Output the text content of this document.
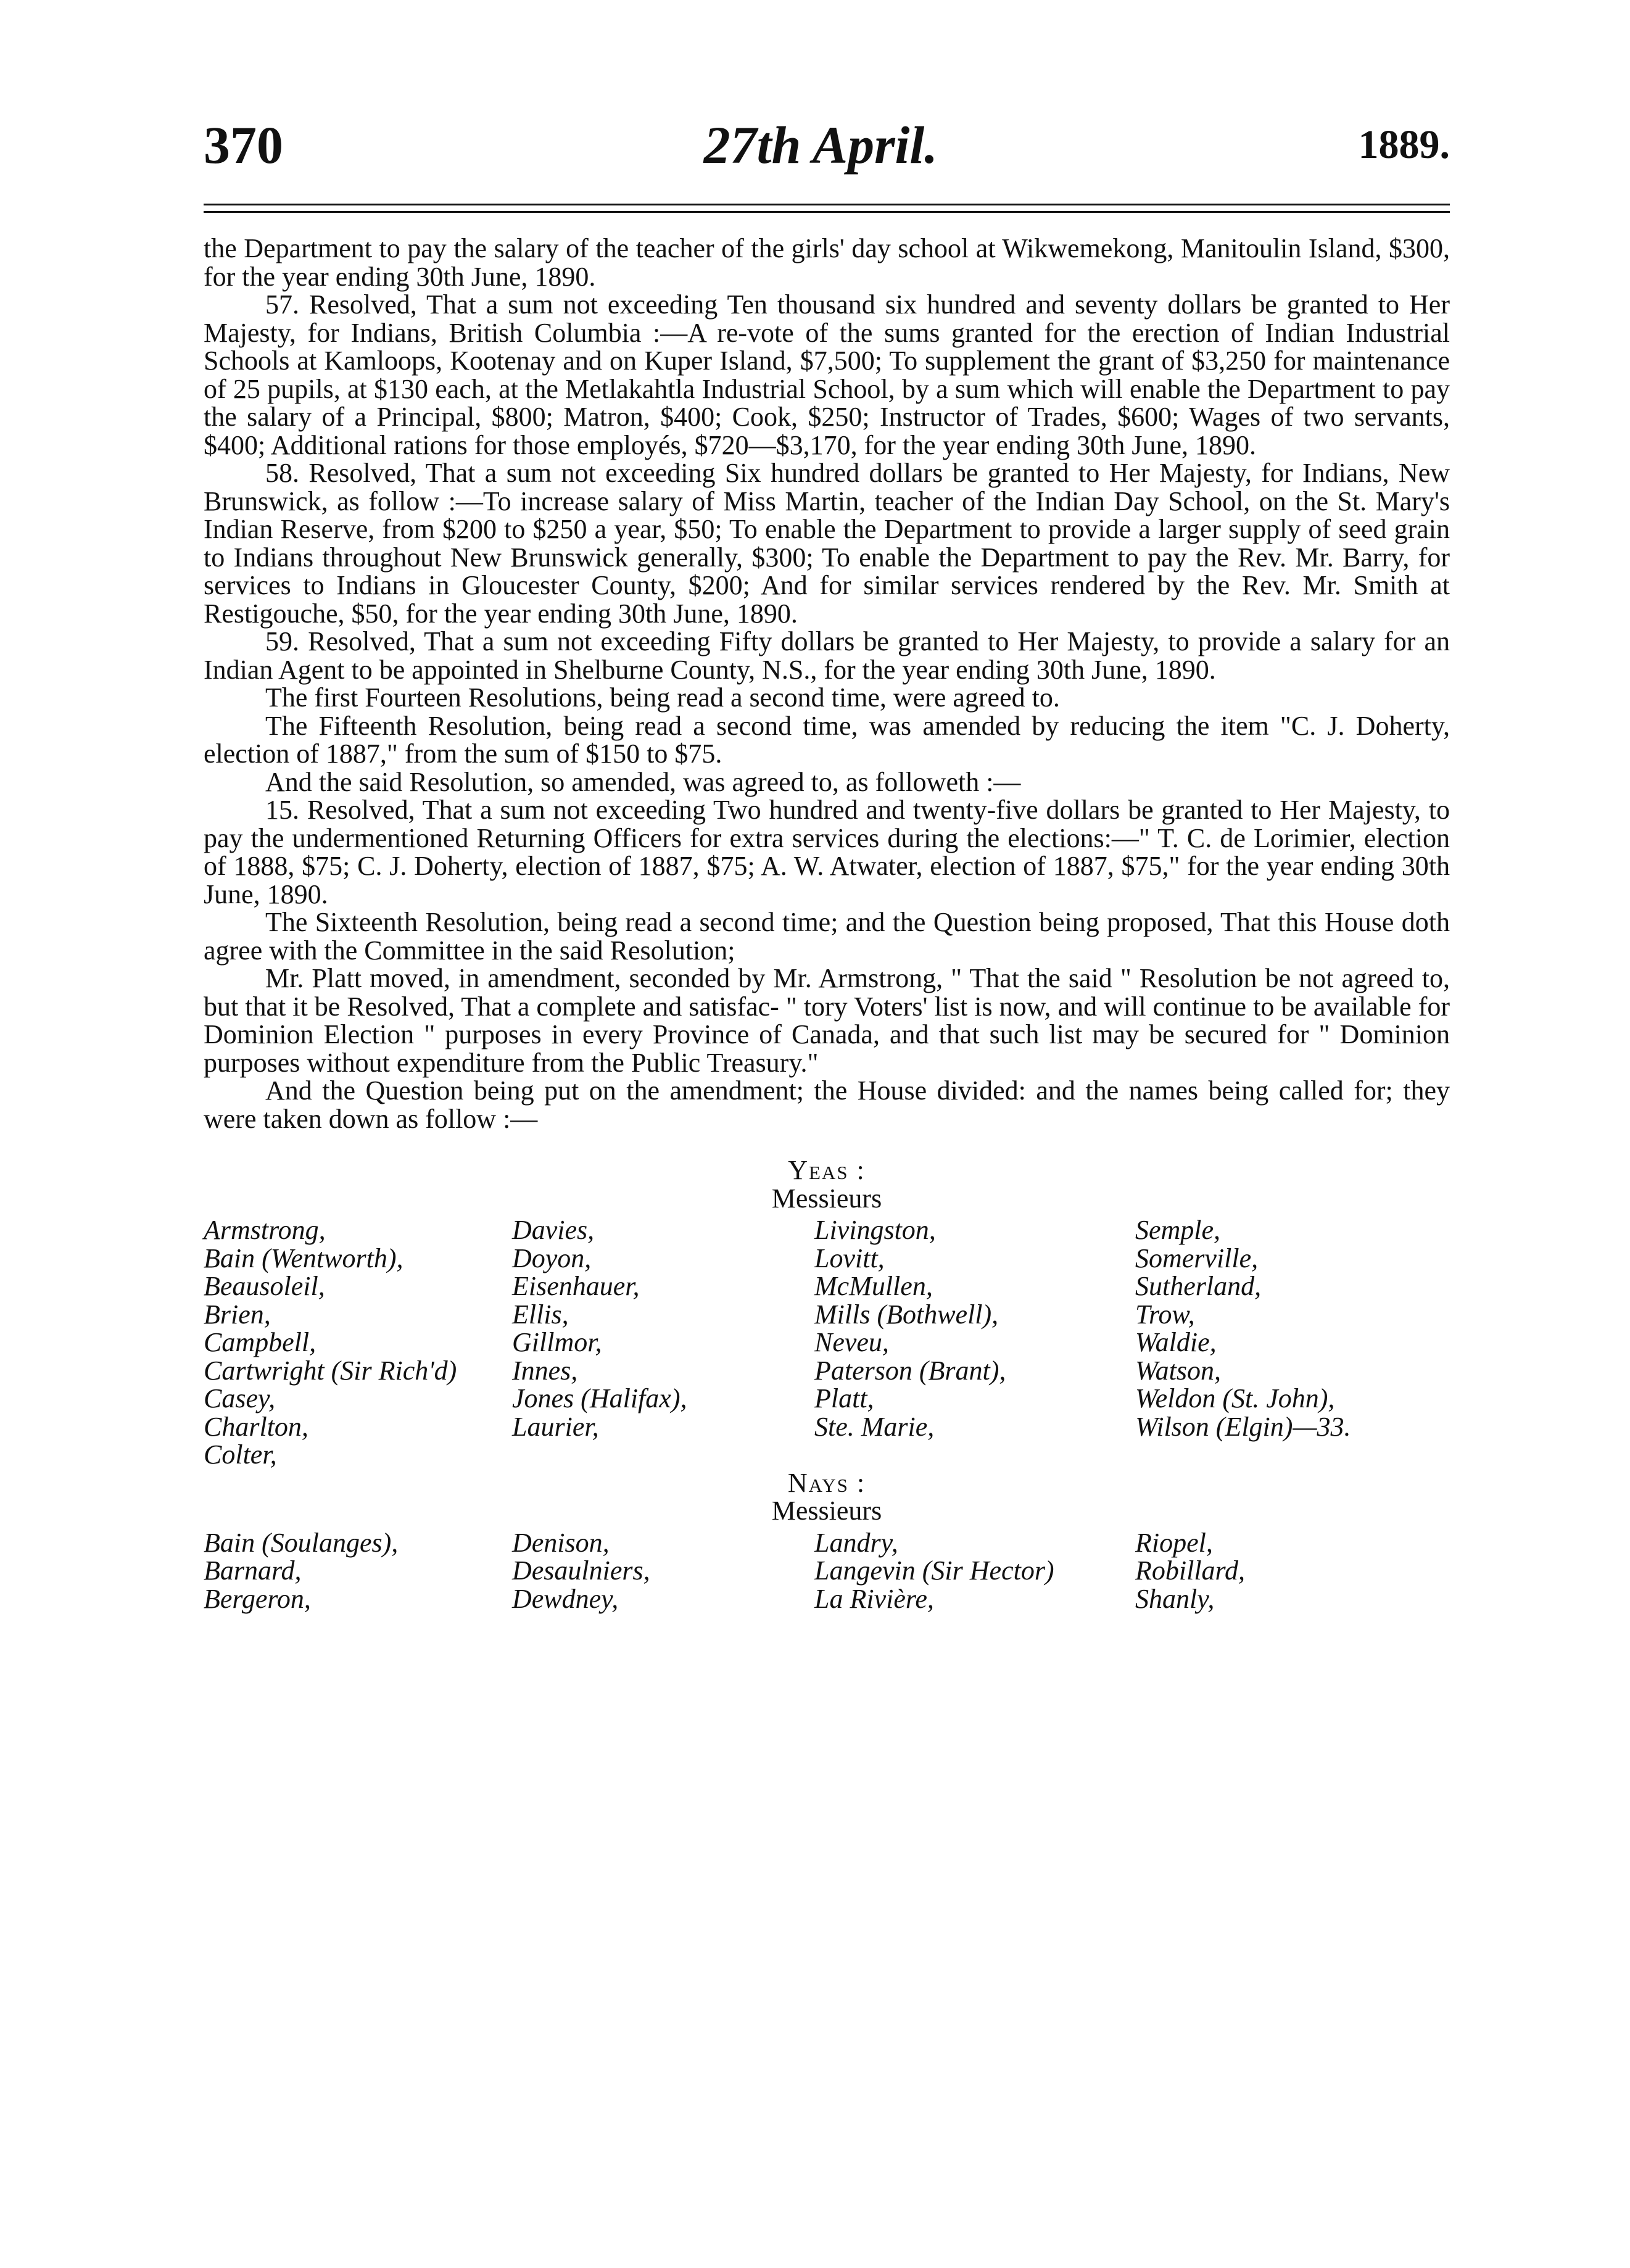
370	27th April.	1889.

the Department to pay the salary of the teacher of the girls' day school at Wikwemekong, Manitoulin Island, $300, for the year ending 30th June, 1890.

57. Resolved, That a sum not exceeding Ten thousand six hundred and seventy dollars be granted to Her Majesty, for Indians, British Columbia :—A re-vote of the sums granted for the erection of Indian Industrial Schools at Kamloops, Kootenay and on Kuper Island, $7,500; To supplement the grant of $3,250 for maintenance of 25 pupils, at $130 each, at the Metlakahtla Industrial School, by a sum which will enable the Department to pay the salary of a Principal, $800; Matron, $400; Cook, $250; Instructor of Trades, $600; Wages of two servants, $400; Additional rations for those employés, $720—$3,170, for the year ending 30th June, 1890.

58. Resolved, That a sum not exceeding Six hundred dollars be granted to Her Majesty, for Indians, New Brunswick, as follow :—To increase salary of Miss Martin, teacher of the Indian Day School, on the St. Mary's Indian Reserve, from $200 to $250 a year, $50; To enable the Department to provide a larger supply of seed grain to Indians throughout New Brunswick generally, $300; To enable the Department to pay the Rev. Mr. Barry, for services to Indians in Gloucester County, $200; And for similar services rendered by the Rev. Mr. Smith at Restigouche, $50, for the year ending 30th June, 1890.

59. Resolved, That a sum not exceeding Fifty dollars be granted to Her Majesty, to provide a salary for an Indian Agent to be appointed in Shelburne County, N.S., for the year ending 30th June, 1890.

The first Fourteen Resolutions, being read a second time, were agreed to.

The Fifteenth Resolution, being read a second time, was amended by reducing the item "C. J. Doherty, election of 1887," from the sum of $150 to $75.

And the said Resolution, so amended, was agreed to, as followeth :—

15. Resolved, That a sum not exceeding Two hundred and twenty-five dollars be granted to Her Majesty, to pay the undermentioned Returning Officers for extra services during the elections:—" T. C. de Lorimier, election of 1888, $75; C. J. Doherty, election of 1887, $75; A. W. Atwater, election of 1887, $75," for the year ending 30th June, 1890.

The Sixteenth Resolution, being read a second time; and the Question being proposed, That this House doth agree with the Committee in the said Resolution;

Mr. Platt moved, in amendment, seconded by Mr. Armstrong, " That the said " Resolution be not agreed to, but that it be Resolved, That a complete and satisfac- " tory Voters' list is now, and will continue to be available for Dominion Election " purposes in every Province of Canada, and that such list may be secured for " Dominion purposes without expenditure from the Public Treasury."

And the Question being put on the amendment; the House divided: and the names being called for; they were taken down as follow :—

Yeas :

Messieurs

Armstrong,	Davies,	Livingston,	Semple,
Bain (Wentworth),	Doyon,	Lovitt,	Somerville,
Beausoleil,	Eisenhauer,	McMullen,	Sutherland,
Brien,	Ellis,	Mills (Bothwell),	Trow,
Campbell,	Gillmor,	Neveu,	Waldie,
Cartwright (Sir Rich'd)	Innes,	Paterson (Brant),	Watson,
Casey,	Jones (Halifax),	Platt,	Weldon (St. John),
Charlton,	Laurier,	Ste. Marie,	Wilson (Elgin)—33.
Colter,

Nays :

Messieurs

Bain (Soulanges),	Denison,	Landry,	Riopel,
Barnard,	Desaulniers,	Langevin (Sir Hector)	Robillard,
Bergeron,	Dewdney,	La Rivière,	Shanly,
